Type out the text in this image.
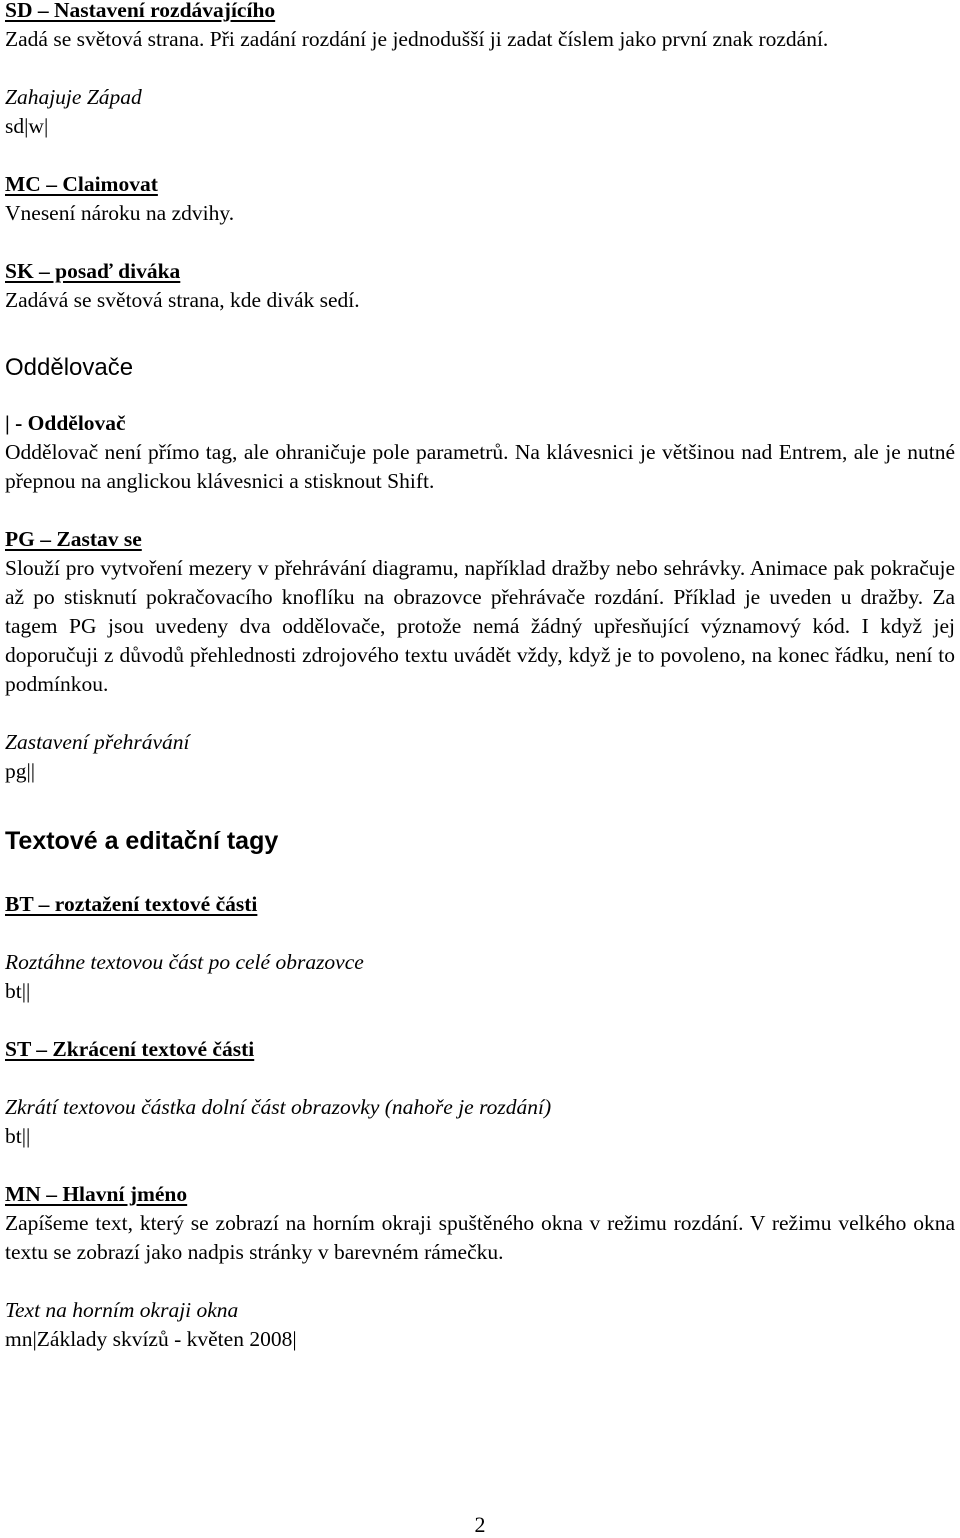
SD – Nastavení rozdávajícího
Zadá se světová strana. Při zadání rozdání je jednodušší ji zadat číslem jako první znak rozdání.
Zahajuje Západ
sd|w|
MC – Claimovat
Vnesení nároku na zdvihy.
SK – posaď diváka
Zadává se světová strana, kde divák sedí.
Oddělovače
| - Oddělovač
Oddělovač není přímo tag, ale ohraničuje pole parametrů. Na klávesnici je většinou nad Entrem, ale je nutné přepnou na anglickou klávesnici a stisknout Shift.
PG – Zastav se
Slouží pro vytvoření mezery v přehrávání diagramu, například dražby nebo sehrávky. Animace pak pokračuje až po stisknutí pokračovacího knoflíku na obrazovce přehrávače rozdání. Příklad je uveden u dražby. Za tagem PG jsou uvedeny dva oddělovače, protože nemá žádný upřesňující významový kód. I když jej doporučuji z důvodů přehlednosti zdrojového textu uvádět vždy, když je to povoleno, na konec řádku, není to podmínkou.
Zastavení přehrávání
pg||
Textové a editační tagy
BT – roztažení textové části
Roztáhne textovou část po celé obrazovce
bt||
ST – Zkrácení textové části
Zkrátí textovou částka dolní část obrazovky (nahoře je rozdání)
bt||
MN – Hlavní jméno
Zapíšeme text, který se zobrazí na horním okraji spuštěného okna v režimu rozdání. V režimu velkého okna textu se zobrazí jako nadpis stránky v barevném rámečku.
Text na horním okraji okna
mn|Základy skvízů - květen 2008|
2
